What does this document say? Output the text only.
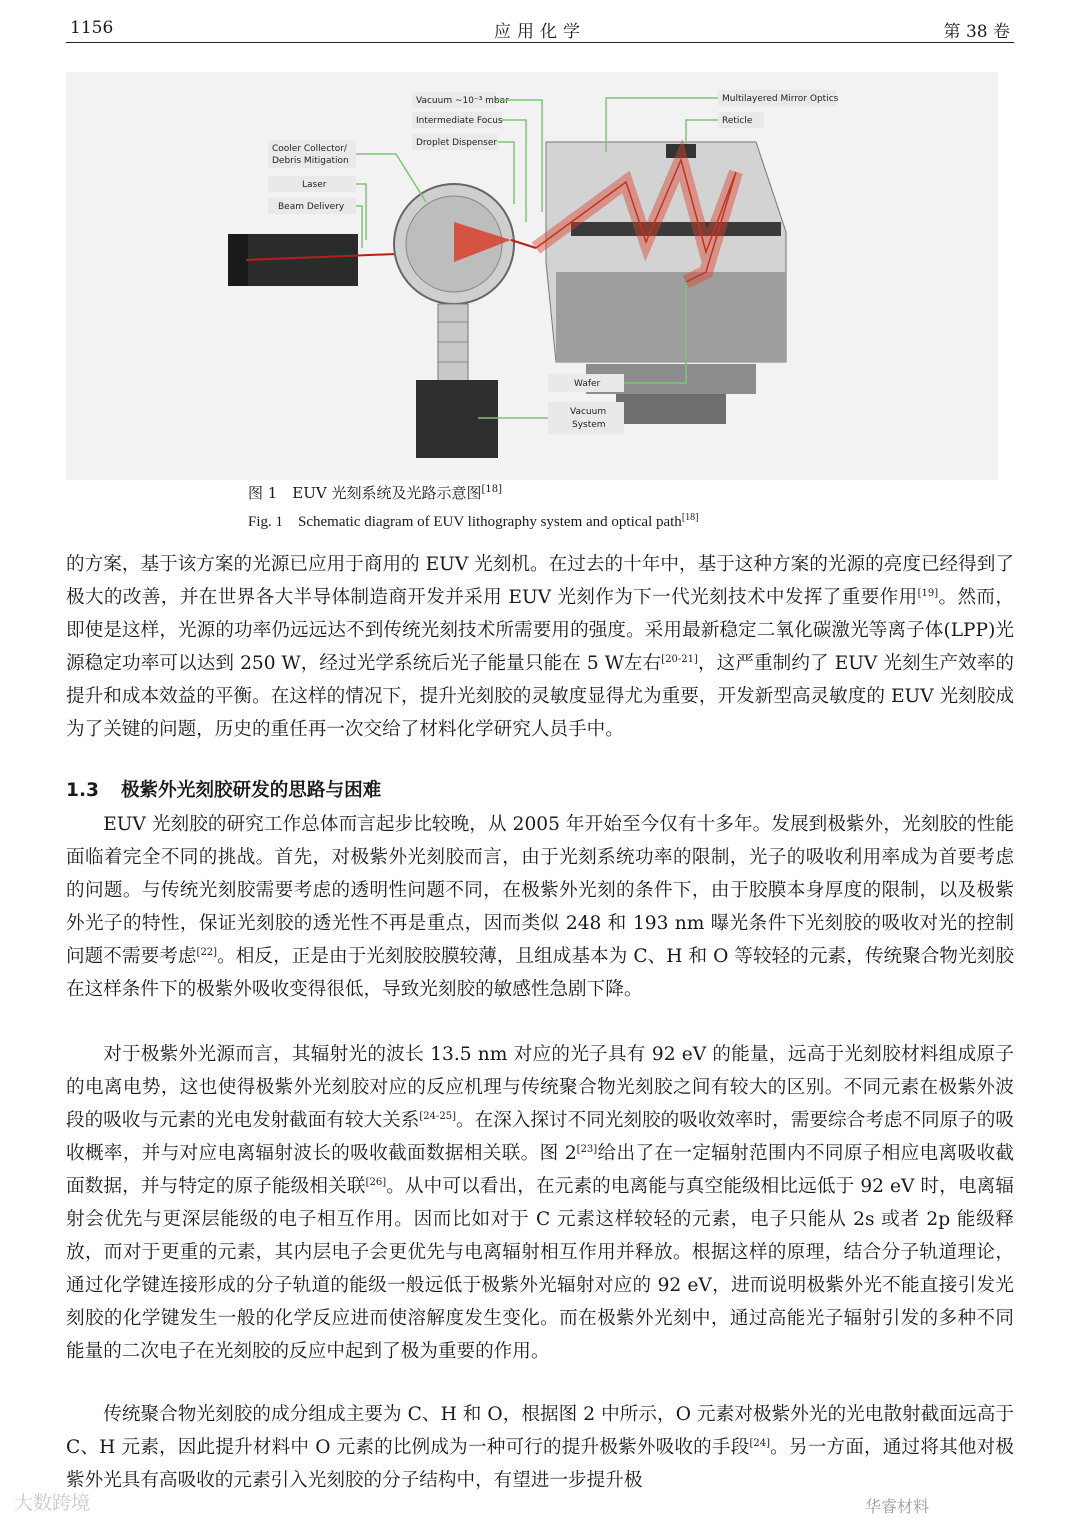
1156	应用化学	第 38 卷
Vacuum ~10⁻³ mbar
Intermediate Focus
Droplet Dispenser
Cooler Collector/
Debris Mitigation
Laser
Beam Delivery
Multilayered Mirror Optics
Reticle
Wafer
Vacuum
System
图 1　EUV 光刻系统及光路示意图[18]
Fig. 1　Schematic diagram of EUV lithography system and optical path[18]

的方案，基于该方案的光源已应用于商用的 EUV 光刻机。在过去的十年中，基于这种方案的光源的亮度已经得到了极大的改善，并在世界各大半导体制造商开发并采用 EUV 光刻作为下一代光刻技术中发挥了重要作用[19]。然而，即使是这样，光源的功率仍远远达不到传统光刻技术所需要用的强度。采用最新稳定二氧化碳激光等离子体(LPP)光源稳定功率可以达到 250 W，经过光学系统后光子能量只能在 5 W左右[20-21]，这严重制约了 EUV 光刻生产效率的提升和成本效益的平衡。在这样的情况下，提升光刻胶的灵敏度显得尤为重要，开发新型高灵敏度的 EUV 光刻胶成为了关键的问题，历史的重任再一次交给了材料化学研究人员手中。

1.3 极紫外光刻胶研发的思路与困难

EUV 光刻胶的研究工作总体而言起步比较晚，从 2005 年开始至今仅有十多年。发展到极紫外，光刻胶的性能面临着完全不同的挑战。首先，对极紫外光刻胶而言，由于光刻系统功率的限制，光子的吸收利用率成为首要考虑的问题。与传统光刻胶需要考虑的透明性问题不同，在极紫外光刻的条件下，由于胶膜本身厚度的限制，以及极紫外光子的特性，保证光刻胶的透光性不再是重点，因而类似 248 和 193 nm 曝光条件下光刻胶的吸收对光的控制问题不需要考虑[22]。相反，正是由于光刻胶胶膜较薄，且组成基本为 C、H 和 O 等较轻的元素，传统聚合物光刻胶在这样条件下的极紫外吸收变得很低，导致光刻胶的敏感性急剧下降。

对于极紫外光源而言，其辐射光的波长 13.5 nm 对应的光子具有 92 eV 的能量，远高于光刻胶材料组成原子的电离电势，这也使得极紫外光刻胶对应的反应机理与传统聚合物光刻胶之间有较大的区别。不同元素在极紫外波段的吸收与元素的光电发射截面有较大关系[24-25]。在深入探讨不同光刻胶的吸收效率时，需要综合考虑不同原子的吸收概率，并与对应电离辐射波长的吸收截面数据相关联。图 2[23]给出了在一定辐射范围内不同原子相应电离吸收截面数据，并与特定的原子能级相关联[26]。从中可以看出，在元素的电离能与真空能级相比远低于 92 eV 时，电离辐射会优先与更深层能级的电子相互作用。因而比如对于 C 元素这样较轻的元素，电子只能从 2s 或者 2p 能级释放，而对于更重的元素，其内层电子会更优先与电离辐射相互作用并释放。根据这样的原理，结合分子轨道理论，通过化学键连接形成的分子轨道的能级一般远低于极紫外光辐射对应的 92 eV，进而说明极紫外光不能直接引发光刻胶的化学键发生一般的化学反应进而使溶解度发生变化。而在极紫外光刻中，通过高能光子辐射引发的多种不同能量的二次电子在光刻胶的反应中起到了极为重要的作用。

传统聚合物光刻胶的成分组成主要为 C、H 和 O，根据图 2 中所示，O 元素对极紫外光的光电散射截面远高于 C、H 元素，因此提升材料中 O 元素的比例成为一种可行的提升极紫外吸收的手段[24]。另一方面，通过将其他对极紫外光具有高吸收的元素引入光刻胶的分子结构中，有望进一步提升极

大数跨境	华睿材料
